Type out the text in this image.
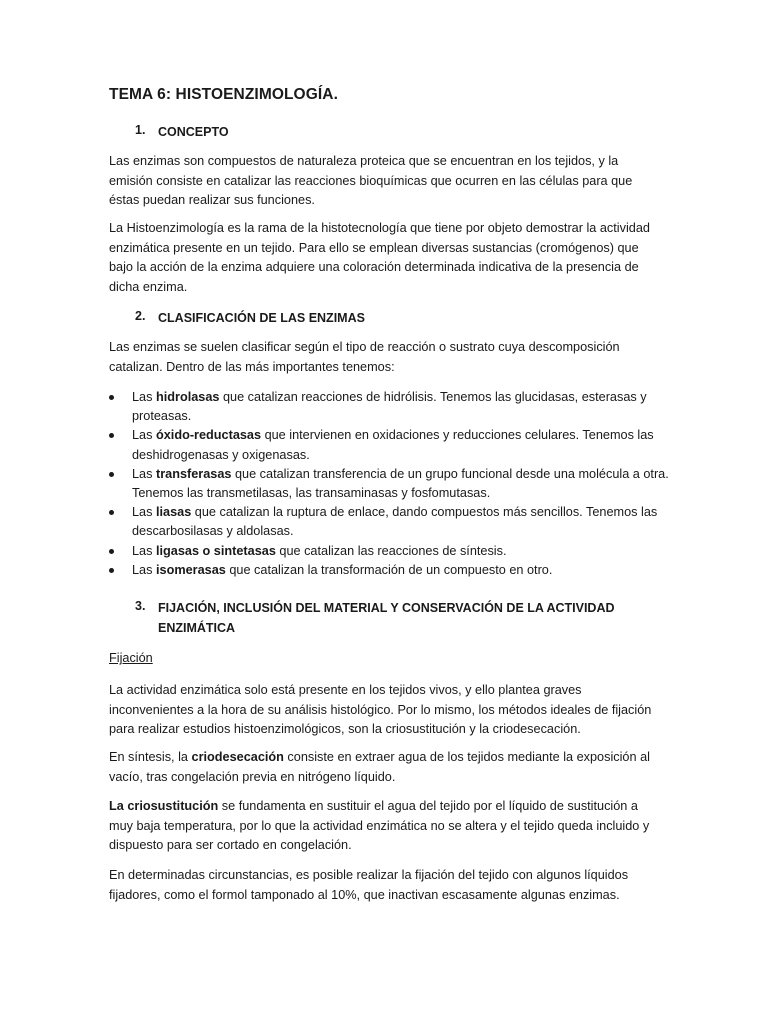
TEMA 6: HISTOENZIMOLOGÍA.
1. CONCEPTO
Las enzimas son compuestos de naturaleza proteica que se encuentran en los tejidos, y la emisión consiste en catalizar las reacciones bioquímicas que ocurren en las células para que éstas puedan realizar sus funciones.
La Histoenzimología es la rama de la histotecnología que tiene por objeto demostrar la actividad enzimática presente en un tejido. Para ello se emplean diversas sustancias (cromógenos) que bajo la acción de la enzima adquiere una coloración determinada indicativa de la presencia de dicha enzima.
2. CLASIFICACIÓN DE LAS ENZIMAS
Las enzimas se suelen clasificar según el tipo de reacción o sustrato cuya descomposición catalizan. Dentro de las más importantes tenemos:
Las hidrolasas que catalizan reacciones de hidrólisis. Tenemos las glucidasas, esterasas y proteasas.
Las óxido-reductasas que intervienen en oxidaciones y reducciones celulares. Tenemos las deshidrogenasas y oxigenasas.
Las transferasas que catalizan transferencia de un grupo funcional desde una molécula a otra. Tenemos las transmetilasas, las transaminasas y fosfomutasas.
Las liasas que catalizan la ruptura de enlace, dando compuestos más sencillos. Tenemos las descarbosilasas y aldolasas.
Las ligasas o sintetasas que catalizan las reacciones de síntesis.
Las isomerasas que catalizan la transformación de un compuesto en otro.
3. FIJACIÓN, INCLUSIÓN DEL MATERIAL Y CONSERVACIÓN DE LA ACTIVIDAD ENZIMÁTICA
Fijación
La actividad enzimática solo está presente en los tejidos vivos, y ello plantea graves inconvenientes a la hora de su análisis histológico. Por lo mismo, los métodos ideales de fijación para realizar estudios histoenzimológicos, son la criosustitución y la criodesecación.
En síntesis, la criodesecación consiste en extraer agua de los tejidos mediante la exposición al vacío, tras congelación previa en nitrógeno líquido.
La criosustitución se fundamenta en sustituir el agua del tejido por el líquido de sustitución a muy baja temperatura, por lo que la actividad enzimática no se altera y el tejido queda incluido y dispuesto para ser cortado en congelación.
En determinadas circunstancias, es posible realizar la fijación del tejido con algunos líquidos fijadores, como el formol tamponado al 10%, que inactivan escasamente algunas enzimas.
